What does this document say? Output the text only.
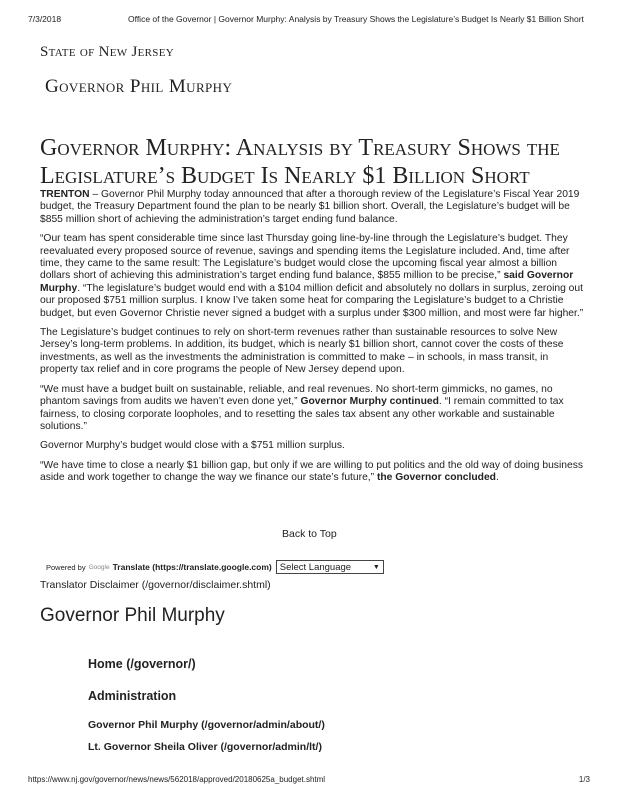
7/3/2018	Office of the Governor | Governor Murphy: Analysis by Treasury Shows the Legislature’s Budget Is Nearly $1 Billion Short
State of New Jersey
Governor Phil Murphy
Governor Murphy: Analysis by Treasury Shows the Legislature’s Budget Is Nearly $1 Billion Short

TRENTON – Governor Phil Murphy today announced that after a thorough review of the Legislature’s Fiscal Year 2019 budget, the Treasury Department found the plan to be nearly $1 billion short. Overall, the Legislature’s budget will be $855 million short of achieving the administration’s target ending fund balance.

“Our team has spent considerable time since last Thursday going line-by-line through the Legislature’s budget. They reevaluated every proposed source of revenue, savings and spending items the Legislature included. And, time after time, they came to the same result: The Legislature’s budget would close the upcoming fiscal year almost a billion dollars short of achieving this administration’s target ending fund balance, $855 million to be precise,” said Governor Murphy. “The legislature’s budget would end with a $104 million deficit and absolutely no dollars in surplus, zeroing out our proposed $751 million surplus. I know I’ve taken some heat for comparing the Legislature’s budget to a Christie budget, but even Governor Christie never signed a budget with a surplus under $300 million, and most were far higher.”

The Legislature’s budget continues to rely on short-term revenues rather than sustainable resources to solve New Jersey’s long-term problems. In addition, its budget, which is nearly $1 billion short, cannot cover the costs of these investments, as well as the investments the administration is committed to make – in schools, in mass transit, in property tax relief and in core programs the people of New Jersey depend upon.

“We must have a budget built on sustainable, reliable, and real revenues. No short-term gimmicks, no games, no phantom savings from audits we haven’t even done yet,” Governor Murphy continued. “I remain committed to tax fairness, to closing corporate loopholes, and to resetting the sales tax absent any other workable and sustainable solutions.”

Governor Murphy’s budget would close with a $751 million surplus.

“We have time to close a nearly $1 billion gap, but only if we are willing to put politics and the old way of doing business aside and work together to change the way we finance our state’s future,” the Governor concluded.

Back to Top
Powered by Google Translate (https://translate.google.com) Select Language	▼
Translator Disclaimer (/governor/disclaimer.shtml)
Governor Phil Murphy
Home (/governor/)
Administration
Governor Phil Murphy (/governor/admin/about/)
Lt. Governor Sheila Oliver (/governor/admin/lt/)
https://www.nj.gov/governor/news/news/562018/approved/20180625a_budget.shtml	1/3
